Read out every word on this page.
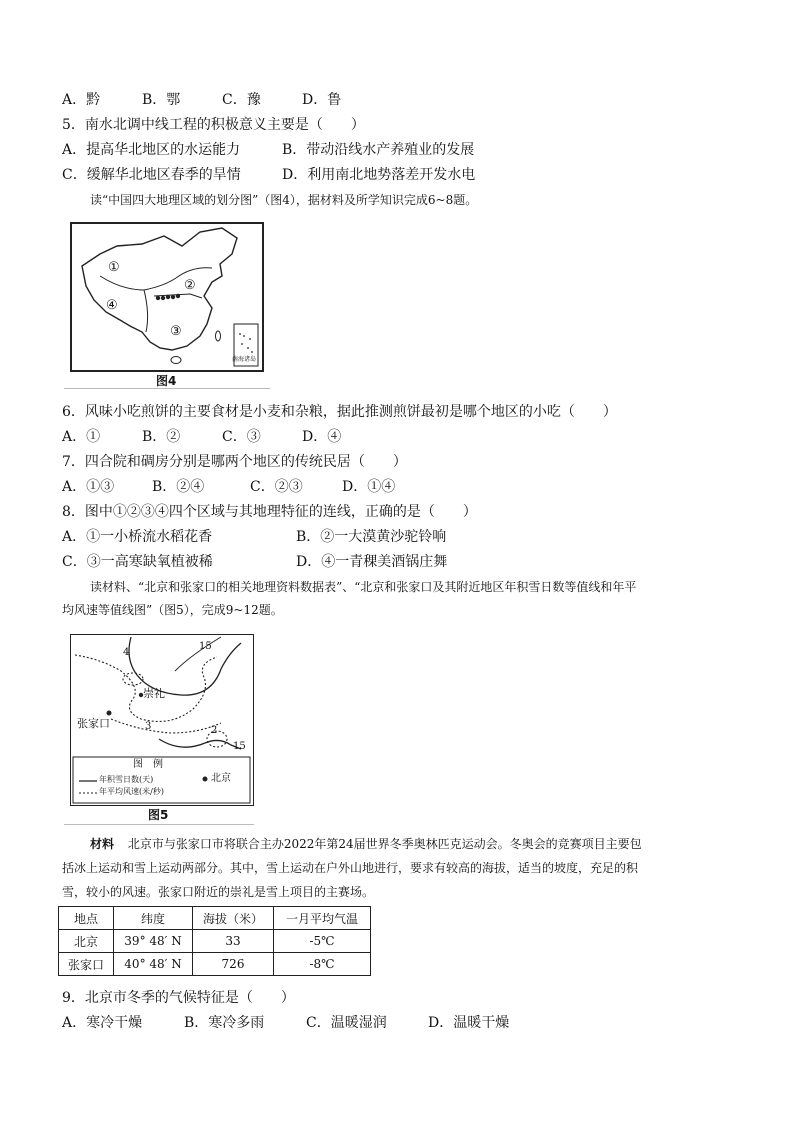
A．黔	B．鄂	C．豫	D．鲁
5．南水北调中线工程的积极意义主要是（　　）
A．提高华北地区的水运能力	B．带动沿线水产养殖业的发展
C．缓解华北地区春季的旱情	D．利用南北地势落差开发水电
读“中国四大地理区域的划分图”（图4），据材料及所学知识完成6~8题。
①
②
③
④
南海诸岛
图4
6．风味小吃煎饼的主要食材是小麦和杂粮，据此推测煎饼最初是哪个地区的小吃（　　）
A．①	B．②	C．③	D．④
7．四合院和碉房分别是哪两个地区的传统民居（　　）
A．①③	B．②④	C．②③	D．①④
8．图中①②③④四个区域与其地理特征的连线，正确的是（　　）
A．①一小桥流水稻花香	B．②一大漠黄沙驼铃响
C．③一高寒缺氧植被稀	D．④一青稞美酒锅庄舞
读材料、“北京和张家口的相关地理资料数据表”、“北京和张家口及其附近地区年积雪日数等值线和年平
均风速等值线图”（图5），完成9~12题。
4
15
15
2
3
崇礼
张家口
图　例
年积雪日数(天)
年平均风速(米/秒)
北京
图5
材料 北京市与张家口市将联合主办2022年第24届世界冬季奥林匹克运动会。冬奥会的竞赛项目主要包
括冰上运动和雪上运动两部分。其中，雪上运动在户外山地进行，要求有较高的海拔，适当的坡度，充足的积
雪，较小的风速。张家口附近的崇礼是雪上项目的主赛场。
地点	纬度	海拔（米）	一月平均气温
北京	39° 48′ N	33	-5℃
张家口	40° 48′ N	726	-8℃
9．北京市冬季的气候特征是（　　）
A．寒冷干燥	B．寒冷多雨	C．温暖湿润	D．温暖干燥
